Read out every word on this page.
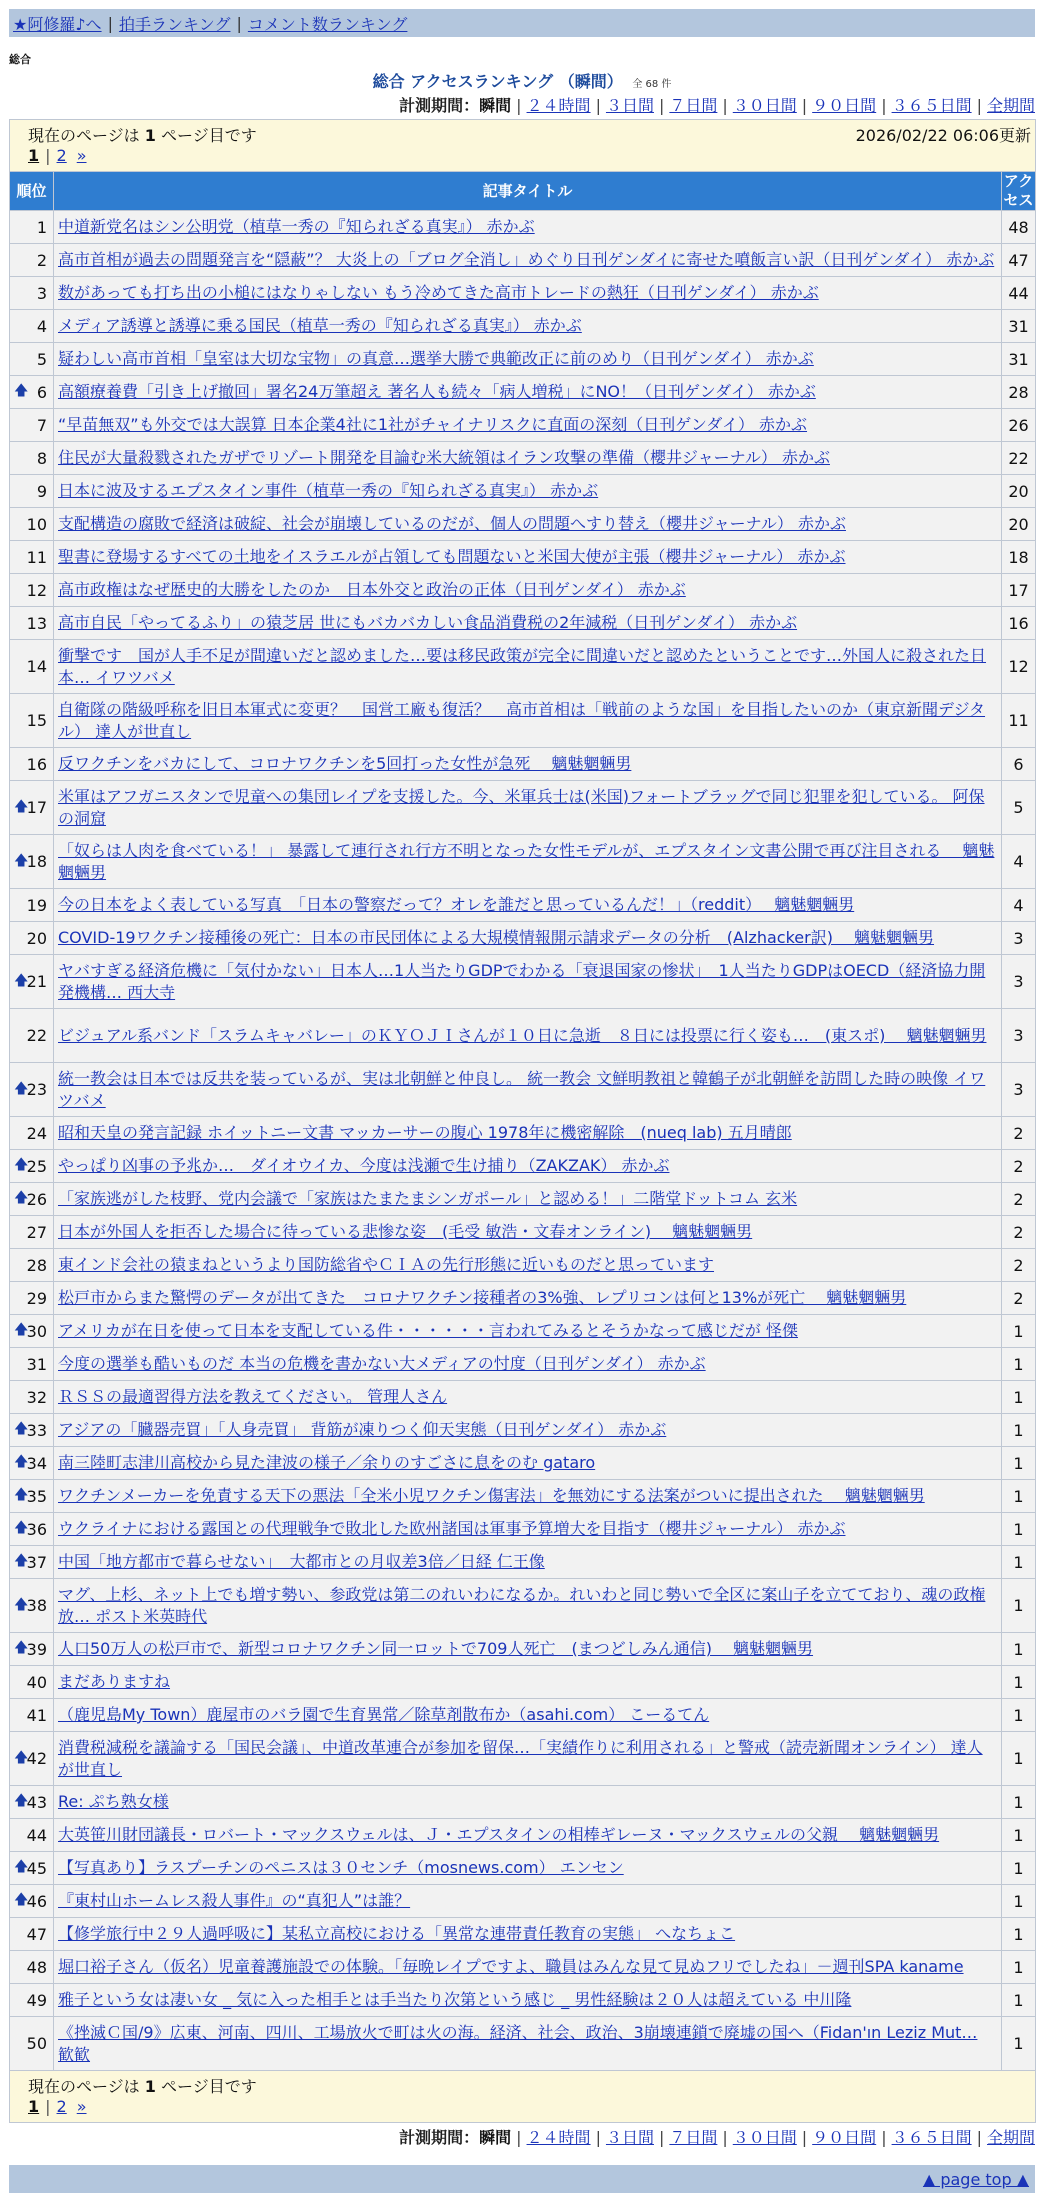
★阿修羅♪へ | 拍手ランキング | コメント数ランキング
総合
総合 アクセスランキング （瞬間） 全 68 件
計測期間：瞬間 | ２４時間 | ３日間 | ７日間 | ３０日間 | ９０日間 | ３６５日間 | 全期間
現在のページは 1 ページ目です 2026/02/22 06:06更新
1 | 2 »		

順位	記事タイトル	アクセス
1	中道新党名はシン公明党（植草一秀の『知られざる真実』） 赤かぶ	48
2	高市首相が過去の問題発言を“隠蔽”？ 大炎上の「ブログ全消し」めぐり日刊ゲンダイに寄せた噴飯言い訳（日刊ゲンダイ） 赤かぶ	47
3	数があっても打ち出の小槌にはなりゃしない もう冷めてきた高市トレードの熱狂（日刊ゲンダイ） 赤かぶ	44
4	メディア誘導と誘導に乗る国民（植草一秀の『知られざる真実』） 赤かぶ	31
5	疑わしい高市首相「皇室は大切な宝物」の真意…選挙大勝で典範改正に前のめり（日刊ゲンダイ） 赤かぶ	31

🡅 6	高額療養費「引き上げ撤回」署名24万筆超え 著名人も続々「病人増税」にNO！（日刊ゲンダイ） 赤かぶ	28
7	“早苗無双”も外交では大誤算 日本企業4社に1社がチャイナリスクに直面の深刻（日刊ゲンダイ） 赤かぶ	26
8	住民が大量殺戮されたガザでリゾート開発を目論む米大統領はイラン攻撃の準備（櫻井ジャーナル） 赤かぶ	22
9	日本に波及するエプスタイン事件（植草一秀の『知られざる真実』） 赤かぶ	20
10	支配構造の腐敗で経済は破綻、社会が崩壊しているのだが、個人の問題へすり替え（櫻井ジャーナル） 赤かぶ	20
11	聖書に登場するすべての土地をイスラエルが占領しても問題ないと米国大使が主張（櫻井ジャーナル） 赤かぶ	18
12	高市政権はなぜ歴史的大勝をしたのか　日本外交と政治の正体（日刊ゲンダイ） 赤かぶ	17
13	高市自民「やってるふり」の猿芝居 世にもバカバカしい食品消費税の2年減税（日刊ゲンダイ） 赤かぶ	16
14	衝撃です　国が人手不足が間違いだと認めました…要は移民政策が完全に間違いだと認めたということです…外国人に殺された日本… イワツバメ	12
15	自衛隊の階級呼称を旧日本軍式に変更？　国営工廠も復活？　高市首相は「戦前のような国」を目指したいのか（東京新聞デジタル） 達人が世直し	11
16	反ワクチンをバカにして、コロナワクチンを5回打った女性が急死　 魑魅魍魎男	6

🡅
17	米軍はアフガニスタンで児童への集団レイプを支援した。今、米軍兵士は(米国)フォートブラッグで同じ犯罪を犯している。 阿保の洞窟	5

🡅
18	「奴らは人肉を食べている！」 暴露して連行され行方不明となった女性モデルが、エプスタイン文書公開で再び注目される　 魑魅魍魎男	4
19	今の日本をよく表している写真　「日本の警察だって？オレを誰だと思っているんだ！」（reddit）　 魑魅魍魎男	4
20	COVID-19ワクチン接種後の死亡：日本の市民団体による大規模情報開示請求データの分析　(Alzhacker訳)　 魑魅魍魎男	3

🡅
21	ヤバすぎる経済危機に「気付かない」日本人…1人当たりGDPでわかる「衰退国家の惨状」　1人当たりGDPはOECD（経済協力開発機構… 西大寺	3
22	ビジュアル系バンド「スラムキャバレー」のＫＹＯＪＩさんが１０日に急逝　８日には投票に行く姿も…　(東スポ)　 魑魅魍魎男	3

🡅
23	統一教会は日本では反共を装っているが、実は北朝鮮と仲良し。 統一教会 文鮮明教祖と韓鶴子が北朝鮮を訪問した時の映像 イワツバメ	3
24	昭和天皇の発言記録 ホイットニー文書 マッカーサーの腹心 1978年に機密解除　(nueq lab) 五月晴郎	2

🡅
25	やっぱり凶事の予兆か…　ダイオウイカ、今度は浅瀬で生け捕り（ZAKZAK） 赤かぶ	2

🡅
26	「家族逃がした枝野、党内会議で「家族はたまたまシンガポール」と認める！」二階堂ドットコム 玄米	2
27	日本が外国人を拒否した場合に待っている悲惨な姿　(毛受 敏浩・文春オンライン)　 魑魅魍魎男	2
28	東インド会社の猿まねというより国防総省やＣＩＡの先行形態に近いものだと思っています	2
29	松戸市からまた驚愕のデータが出てきた　コロナワクチン接種者の3%強、レプリコンは何と13%が死亡　 魑魅魍魎男	2

🡅
30	アメリカが在日を使って日本を支配している件・・・・・・言われてみるとそうかなって感じだが 怪傑	1
31	今度の選挙も酷いものだ 本当の危機を書かない大メディアの忖度（日刊ゲンダイ） 赤かぶ	1
32	ＲＳＳの最適習得方法を教えてください。 管理人さん	1

🡅
33	アジアの「臓器売買」「人身売買」 背筋が凍りつく仰天実態（日刊ゲンダイ） 赤かぶ	1

🡅
34	南三陸町志津川高校から見た津波の様子／余りのすごさに息をのむ gataro	1

🡅
35	ワクチンメーカーを免責する天下の悪法「全米小児ワクチン傷害法」を無効にする法案がついに提出された　 魑魅魍魎男	1

🡅
36	ウクライナにおける露国との代理戦争で敗北した欧州諸国は軍事予算増大を目指す（櫻井ジャーナル） 赤かぶ	1

🡅
37	中国「地方都市で暮らせない」　大都市との月収差3倍／日経 仁王像	1

🡅
38	マグ、上杉、ネット上でも増す勢い、参政党は第二のれいわになるか。れいわと同じ勢いで全区に案山子を立てており、魂の政権放… ポスト米英時代	1

🡅
39	人口50万人の松戸市で、新型コロナワクチン同一ロットで709人死亡　(まつどしみん通信)　 魑魅魍魎男	1
40	まだありますね	1
41	（鹿児島My Town）鹿屋市のバラ園で生育異常／除草剤散布か（asahi.com） こーるてん	1

🡅
42	消費税減税を議論する「国民会議」、中道改革連合が参加を留保…「実績作りに利用される」と警戒（読売新聞オンライン） 達人が世直し	1

🡅
43	Re: ぷち熟女様	1
44	大英笹川財団議長・ロバート・マックスウェルは、Ｊ・エプスタインの相棒ギレーヌ・マックスウェルの父親　 魑魅魍魎男	1

🡅
45	【写真あり】ラスプーチンのペニスは３０センチ（mosnews.com） エンセン	1

🡅
46	『東村山ホームレス殺人事件』の“真犯人”は誰？	1
47	【修学旅行中２９人過呼吸に】某私立高校における「異常な連帯責任教育の実態」 へなちょこ	1
48	堀口裕子さん（仮名）児童養護施設での体験。「毎晩レイプですよ、職員はみんな見て見ぬフリでしたね」－週刊SPA kaname	1
49	雅子という女は凄い女 _ 気に入った相手とは手当たり次第という感じ _ 男性経験は２０人は超えている 中川隆	1
50	《挫滅Ｃ国/9》広東、河南、四川、工場放火で町は火の海。経済、社会、政治、3崩壊連鎖で廃墟の国へ（Fidan'ın Leziz Mut… 歓歓	1

現在のページは 1 ページ目です
1 | 2 »		
計測期間：瞬間 | ２４時間 | ３日間 | ７日間 | ３０日間 | ９０日間 | ３６５日間 | 全期間
▲ page top ▲
